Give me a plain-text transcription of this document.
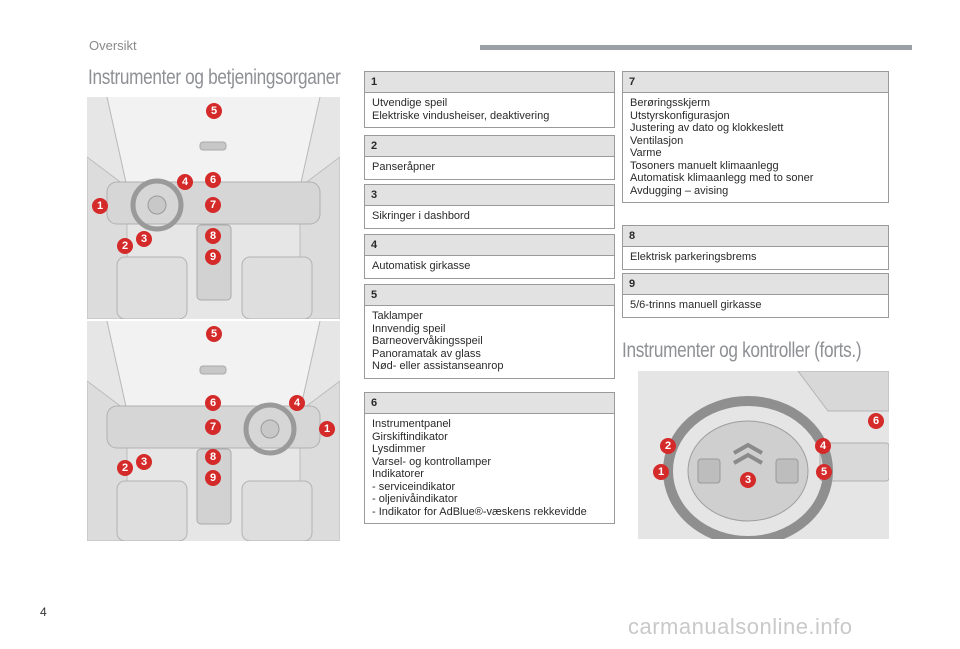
Oversikt
Instrumenter og betjeningsorganer
5
4 6
1	7
2
3	8
9
5
6	4
1
7
3
2
8
9
1
Utvendige speil
Elektriske vindusheiser, deaktivering
2
Panseråpner
3
Sikringer i dashbord
4
Automatisk girkasse
5
Taklamper
Innvendig speil
Barneovervåkingsspeil
Panoramatak av glass
Nød- eller assistanseanrop
6
Instrumentpanel
Girskiftindikator
Lysdimmer
Varsel- og kontrollamper
Indikatorer
- serviceindikator
- oljenivåindikator
- Indikator for AdBlue®-væskens rekkevidde
7
Berøringsskjerm
Utstyrskonfigurasjon
Justering av dato og klokkeslett
Ventilasjon
Varme
Tosoners manuelt klimaanlegg
Automatisk klimaanlegg med to soner
Avdugging – avising
8
Elektrisk parkeringsbrems
9
5/6-trinns manuell girkasse
Instrumenter og kontroller (forts.)
6
2	4
1
3
5
4
carmanualsonline.info
